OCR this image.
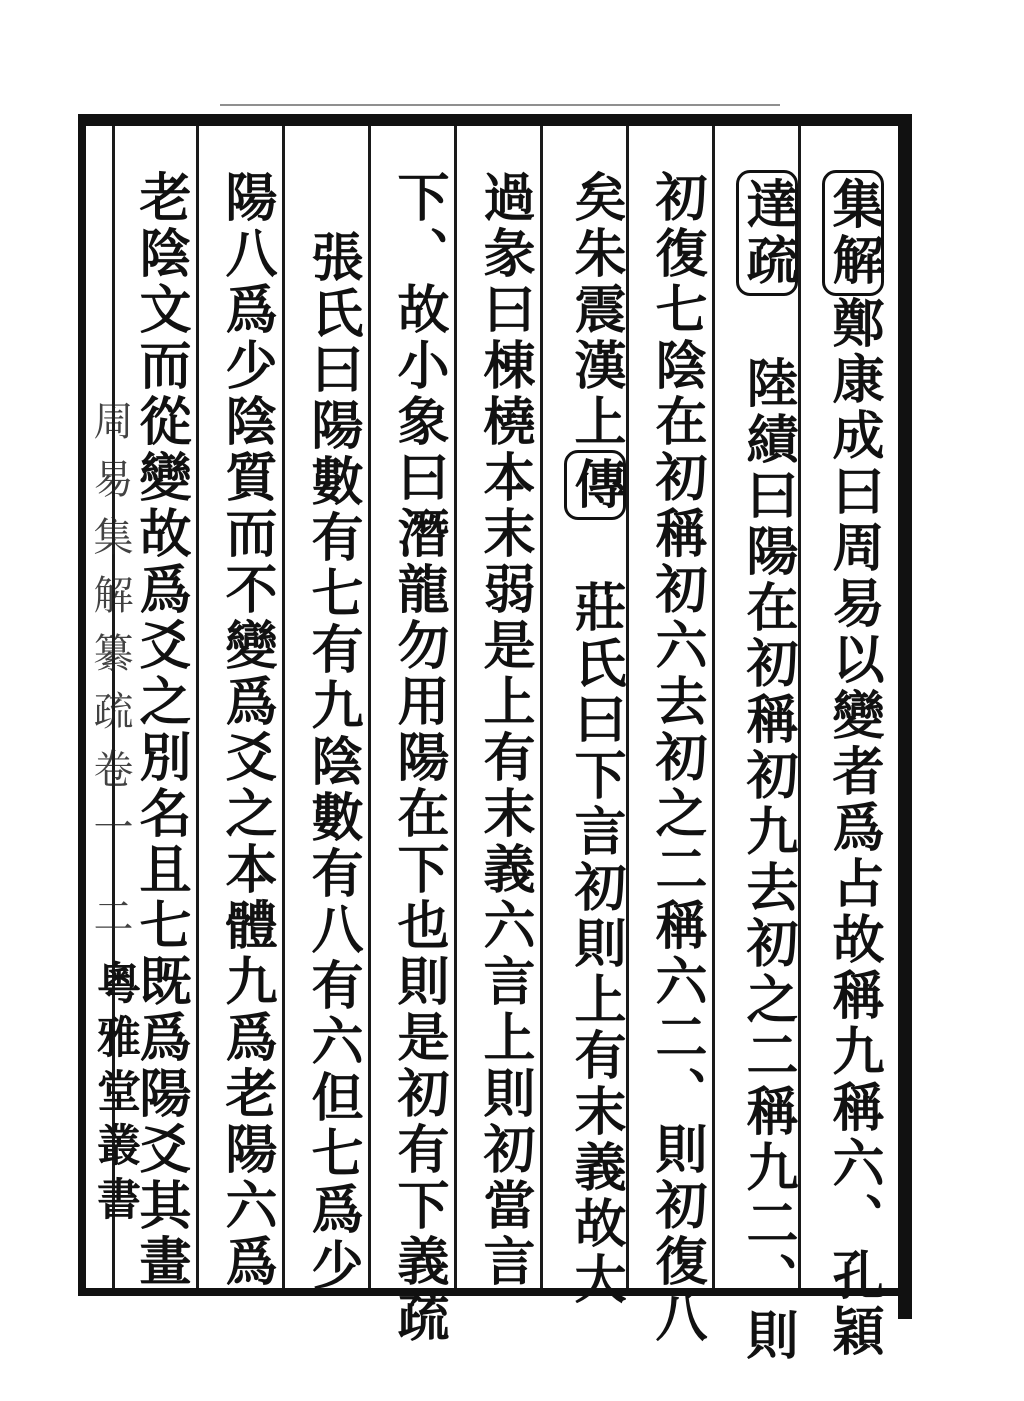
集解鄭康成曰周易以變者爲占故稱九稱六、孔穎
達疏陸績曰陽在初稱初九去初之二稱九二、則
初復七陰在初稱初六去初之二稱六二、則初復八
矣朱震漢上傳莊氏曰下言初則上有末義故大
過彖曰棟橈本末弱是上有末義六言上則初當言
下、故小象曰潛龍勿用陽在下也則是初有下義疏
張氏曰陽數有七有九陰數有八有六但七爲少
陽八爲少陰質而不變爲爻之本體九爲老陽六爲
老陰文而從變故爲爻之別名且七既爲陽爻其畫
周易集解纂疏卷一 二
粵雅堂叢書
